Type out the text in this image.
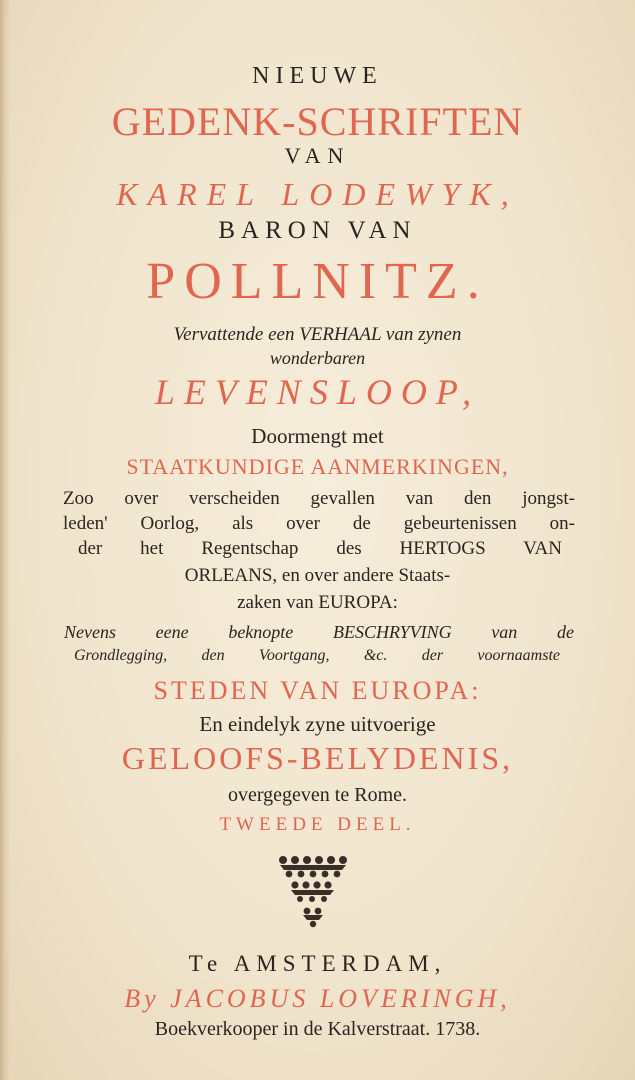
NIEUWE
GEDENK-SCHRIFTEN
VAN
KAREL LODEWYK,
BARON VAN
POLLNITZ.
Vervattende een VERHAAL van zynen
wonderbaren
LEVENSLOOP,
Doormengt met
STAATKUNDIGE AANMERKINGEN,
Zoo over verscheiden gevallen van den jongst-
leden' Oorlog, als over de gebeurtenissen on-
der het Regentschap des HERTOGS VAN
ORLEANS, en over andere Staats-
zaken van EUROPA:
Nevens eene beknopte BESCHRYVING van de
Grondlegging, den Voortgang, &c. der voornaamste
STEDEN VAN EUROPA:
En eindelyk zyne uitvoerige
GELOOFS-BELYDENIS,
overgegeven te Rome.
TWEEDE DEEL.
Te AMSTERDAM,
By JACOBUS LOVERINGH,
Boekverkooper in de Kalverstraat. 1738.
